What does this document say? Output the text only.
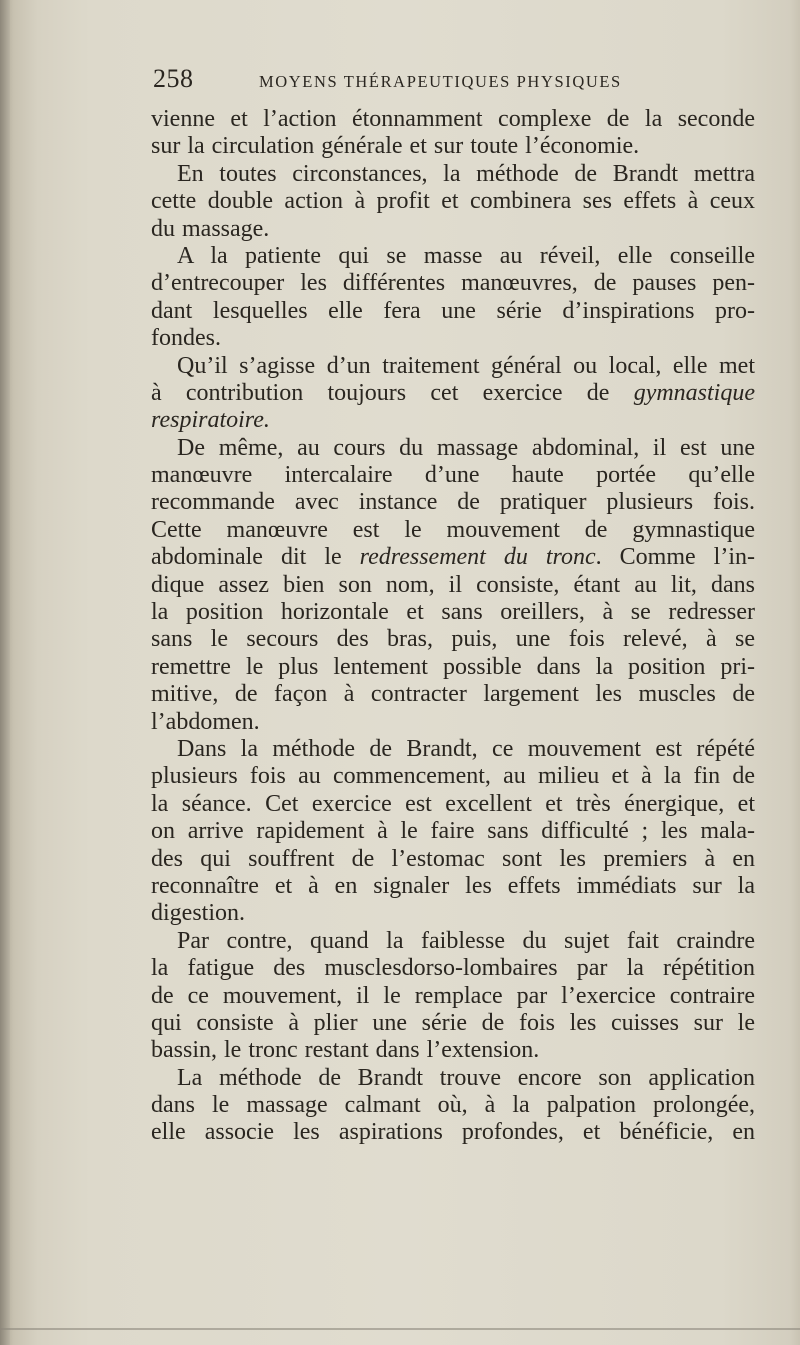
258	MOYENS THÉRAPEUTIQUES PHYSIQUES
vienne et l’action étonnamment complexe de la seconde
sur la circulation générale et sur toute l’économie.
En toutes circonstances, la méthode de Brandt mettra
cette double action à profit et combinera ses effets à ceux
du massage.
A la patiente qui se masse au réveil, elle conseille
d’entrecouper les différentes manœuvres, de pauses pen-
dant lesquelles elle fera une série d’inspirations pro-
fondes.
Qu’il s’agisse d’un traitement général ou local, elle met
à contribution toujours cet exercice de gymnastique
respiratoire.
De même, au cours du massage abdominal, il est une
manœuvre intercalaire d’une haute portée qu’elle
recommande avec instance de pratiquer plusieurs fois.
Cette manœuvre est le mouvement de gymnastique
abdominale dit le redressement du tronc. Comme l’in-
dique assez bien son nom, il consiste, étant au lit, dans
la position horizontale et sans oreillers, à se redresser
sans le secours des bras, puis, une fois relevé, à se
remettre le plus lentement possible dans la position pri-
mitive, de façon à contracter largement les muscles de
l’abdomen.
Dans la méthode de Brandt, ce mouvement est répété
plusieurs fois au commencement, au milieu et à la fin de
la séance. Cet exercice est excellent et très énergique, et
on arrive rapidement à le faire sans difficulté ; les mala-
des qui souffrent de l’estomac sont les premiers à en
reconnaître et à en signaler les effets immédiats sur la
digestion.
Par contre, quand la faiblesse du sujet fait craindre
la fatigue des musclesdorso-lombaires par la répétition
de ce mouvement, il le remplace par l’exercice contraire
qui consiste à plier une série de fois les cuisses sur le
bassin, le tronc restant dans l’extension.
La méthode de Brandt trouve encore son application
dans le massage calmant où, à la palpation prolongée,
elle associe les aspirations profondes, et bénéficie, en
